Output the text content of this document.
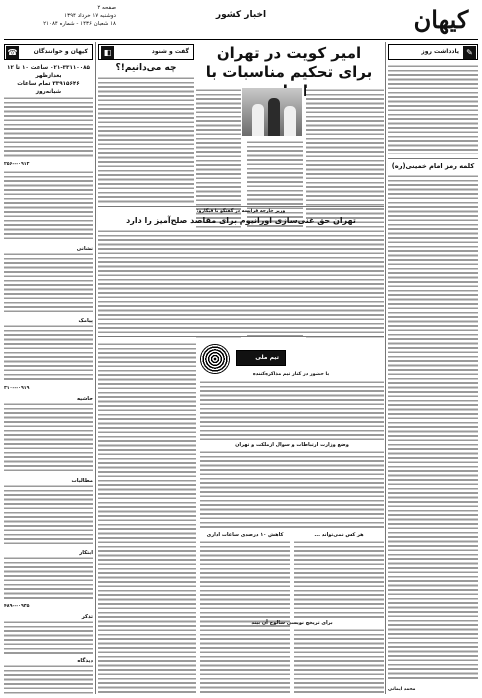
کیهان
اخبار کشور
صفحه ۲
دوشنبه ۱۷ خرداد ۱۳۹۴
۱۸ شعبان ۱۴۳۶ - شماره ۲۱۰۸۴
✎
یادداشت روز
کلمه رمز امام خمینی(ره)
محمد ایمانی
امیر کویت در تهران
برای تحکیم مناسبات با
◧	گفت و شنود
چه می‌دانیم!؟
وزیر خارجه فرانسه در گفتگو با فیگارو:
تهران حق غنی‌سازی اورانیوم برای مقاصد صلح‌آمیز را دارد
تیم ملی
با حضور در کنار تیم مذاکره‌کننده
وضع وزارت ارتباطات و سوال ازملکت و تهران
کاهش ۱۰ درصدی ساعات اداری	هر کس نمی‌تواند ...
برای تریخچ نویسی سالوچ آن بیند
☎	کیهان و خوانندگان
۰۲۱-۳۳۱۱۰۰۸۵ ساعت ۱۰ تا ۱۲ بعدازظهر
۳۳۹۱۵۶۴۶ تمام ساعات شبانه‌روز
۰۹۱۲---۲۵۶
نشانی
پیامک
۰۹۱۹---۳۱۰
حاشیه
مطالبات
ابتکار
۰۹۳۵---۴۸۹
تذکر
دیدگاه
